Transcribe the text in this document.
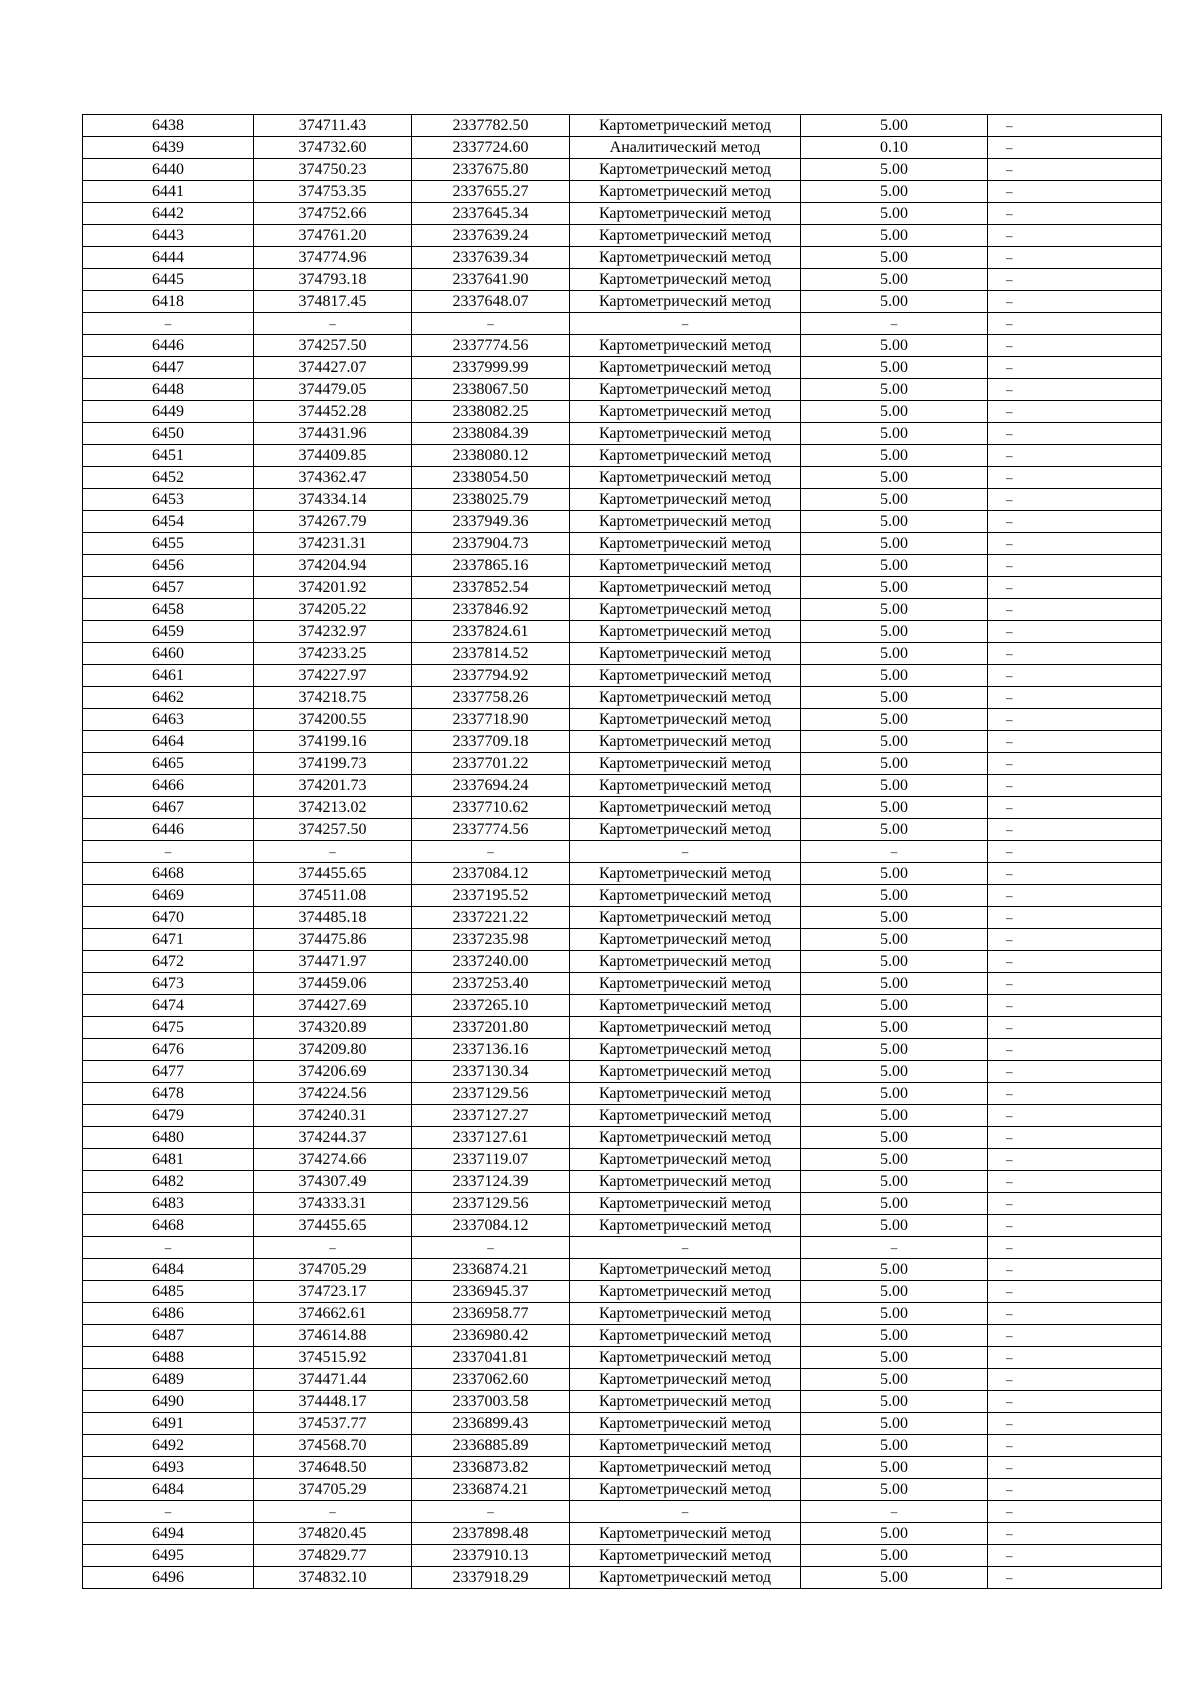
6438	374711.43	2337782.50	Картометрический метод	5.00	–
6439	374732.60	2337724.60	Аналитический метод	0.10	–
6440	374750.23	2337675.80	Картометрический метод	5.00	–
6441	374753.35	2337655.27	Картометрический метод	5.00	–
6442	374752.66	2337645.34	Картометрический метод	5.00	–
6443	374761.20	2337639.24	Картометрический метод	5.00	–
6444	374774.96	2337639.34	Картометрический метод	5.00	–
6445	374793.18	2337641.90	Картометрический метод	5.00	–
6418	374817.45	2337648.07	Картометрический метод	5.00	–
–	–	–	–	–	–
6446	374257.50	2337774.56	Картометрический метод	5.00	–
6447	374427.07	2337999.99	Картометрический метод	5.00	–
6448	374479.05	2338067.50	Картометрический метод	5.00	–
6449	374452.28	2338082.25	Картометрический метод	5.00	–
6450	374431.96	2338084.39	Картометрический метод	5.00	–
6451	374409.85	2338080.12	Картометрический метод	5.00	–
6452	374362.47	2338054.50	Картометрический метод	5.00	–
6453	374334.14	2338025.79	Картометрический метод	5.00	–
6454	374267.79	2337949.36	Картометрический метод	5.00	–
6455	374231.31	2337904.73	Картометрический метод	5.00	–
6456	374204.94	2337865.16	Картометрический метод	5.00	–
6457	374201.92	2337852.54	Картометрический метод	5.00	–
6458	374205.22	2337846.92	Картометрический метод	5.00	–
6459	374232.97	2337824.61	Картометрический метод	5.00	–
6460	374233.25	2337814.52	Картометрический метод	5.00	–
6461	374227.97	2337794.92	Картометрический метод	5.00	–
6462	374218.75	2337758.26	Картометрический метод	5.00	–
6463	374200.55	2337718.90	Картометрический метод	5.00	–
6464	374199.16	2337709.18	Картометрический метод	5.00	–
6465	374199.73	2337701.22	Картометрический метод	5.00	–
6466	374201.73	2337694.24	Картометрический метод	5.00	–
6467	374213.02	2337710.62	Картометрический метод	5.00	–
6446	374257.50	2337774.56	Картометрический метод	5.00	–
–	–	–	–	–	–
6468	374455.65	2337084.12	Картометрический метод	5.00	–
6469	374511.08	2337195.52	Картометрический метод	5.00	–
6470	374485.18	2337221.22	Картометрический метод	5.00	–
6471	374475.86	2337235.98	Картометрический метод	5.00	–
6472	374471.97	2337240.00	Картометрический метод	5.00	–
6473	374459.06	2337253.40	Картометрический метод	5.00	–
6474	374427.69	2337265.10	Картометрический метод	5.00	–
6475	374320.89	2337201.80	Картометрический метод	5.00	–
6476	374209.80	2337136.16	Картометрический метод	5.00	–
6477	374206.69	2337130.34	Картометрический метод	5.00	–
6478	374224.56	2337129.56	Картометрический метод	5.00	–
6479	374240.31	2337127.27	Картометрический метод	5.00	–
6480	374244.37	2337127.61	Картометрический метод	5.00	–
6481	374274.66	2337119.07	Картометрический метод	5.00	–
6482	374307.49	2337124.39	Картометрический метод	5.00	–
6483	374333.31	2337129.56	Картометрический метод	5.00	–
6468	374455.65	2337084.12	Картометрический метод	5.00	–
–	–	–	–	–	–
6484	374705.29	2336874.21	Картометрический метод	5.00	–
6485	374723.17	2336945.37	Картометрический метод	5.00	–
6486	374662.61	2336958.77	Картометрический метод	5.00	–
6487	374614.88	2336980.42	Картометрический метод	5.00	–
6488	374515.92	2337041.81	Картометрический метод	5.00	–
6489	374471.44	2337062.60	Картометрический метод	5.00	–
6490	374448.17	2337003.58	Картометрический метод	5.00	–
6491	374537.77	2336899.43	Картометрический метод	5.00	–
6492	374568.70	2336885.89	Картометрический метод	5.00	–
6493	374648.50	2336873.82	Картометрический метод	5.00	–
6484	374705.29	2336874.21	Картометрический метод	5.00	–
–	–	–	–	–	–
6494	374820.45	2337898.48	Картометрический метод	5.00	–
6495	374829.77	2337910.13	Картометрический метод	5.00	–
6496	374832.10	2337918.29	Картометрический метод	5.00	–
